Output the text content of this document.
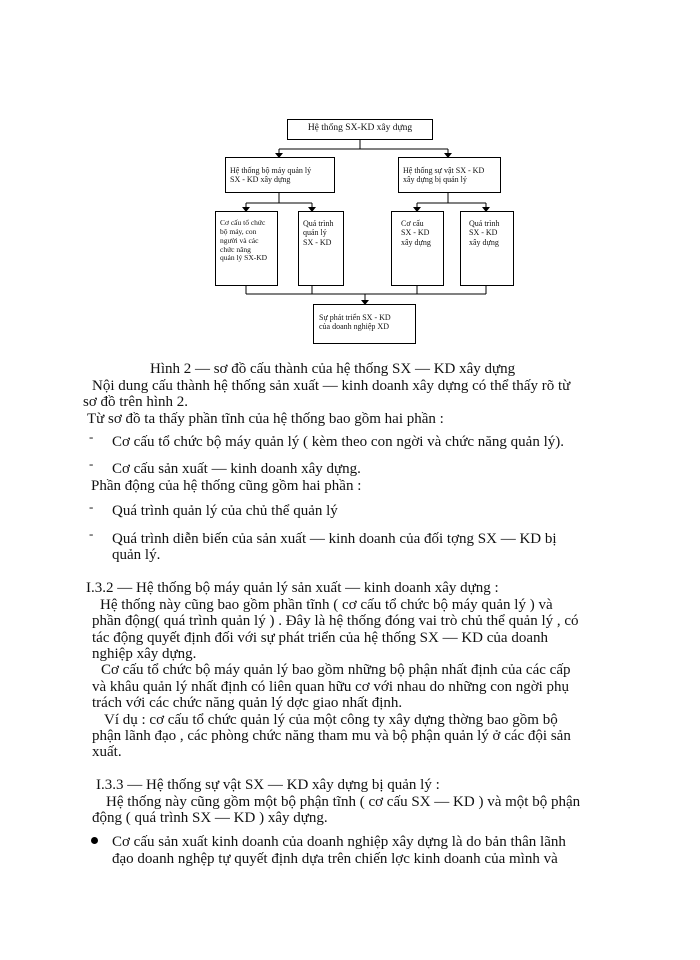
Hệ thống SX-KD xây dựng
Hệ thống bộ máy quản lý
SX - KD xây dựng
Hệ thống sự vật SX - KD
xây dựng bị quản lý
Cơ cấu tổ chức
bộ máy, con
người và các
chức năng
quản lý SX-KD
Quá trình
quản lý
SX - KD
Cơ cấu
SX - KD
xây dựng
Quá trình
SX - KD
xây dựng
Sự phát triển SX - KD
của doanh nghiệp XD
Hình 2 — sơ đồ cấu thành của hệ thống SX — KD xây dựng
Nội dung cấu thành hệ thống sản xuất — kinh doanh xây dựng có thể thấy rõ từ
sơ đồ trên hình 2.
Từ sơ đồ ta thấy phần tĩnh của hệ thống bao gồm hai phần :
- Cơ cấu tổ chức bộ máy quản lý ( kèm theo con ngời và chức năng quản lý).
- Cơ cấu sản xuất — kinh doanh xây dựng.
Phần động của hệ thống cũng gồm hai phần :
- Quá trình quản lý của chủ thể quản lý
- Quá trình diễn biến của sản xuất — kinh doanh của đối tợng SX — KD bị
quản lý.
I.3.2 — Hệ thống bộ máy quản lý sản xuất — kinh doanh xây dựng :
Hệ thống này cũng bao gồm phần tĩnh ( cơ cấu tổ chức bộ máy quản lý ) và
phần động( quá trình quản lý ) . Đây là hệ thống đóng vai trò chủ thể quản lý , có
tác động quyết định đối với sự phát triển của hệ thống SX — KD của doanh
nghiệp xây dựng.
Cơ cấu tổ chức bộ máy quản lý bao gồm những bộ phận nhất định của các cấp
và khâu quản lý nhất định có liên quan hữu cơ với nhau do những con ngời phụ
trách với các chức năng quản lý dợc giao nhất định.
Ví dụ : cơ cấu tổ chức quản lý của một công ty xây dựng thờng bao gồm bộ
phận lãnh đạo , các phòng chức năng tham mu và bộ phận quản lý ở các đội sản
xuất.
I.3.3 — Hệ thống sự vật SX — KD xây dựng bị quản lý :
Hệ thống này cũng gồm một bộ phận tĩnh ( cơ cấu SX — KD ) và một bộ phận
động ( quá trình SX — KD ) xây dựng.
Cơ cấu sản xuất kinh doanh của doanh nghiệp xây dựng là do bản thân lãnh
đạo doanh nghệp tự quyết định dựa trên chiến lợc kinh doanh của mình và
